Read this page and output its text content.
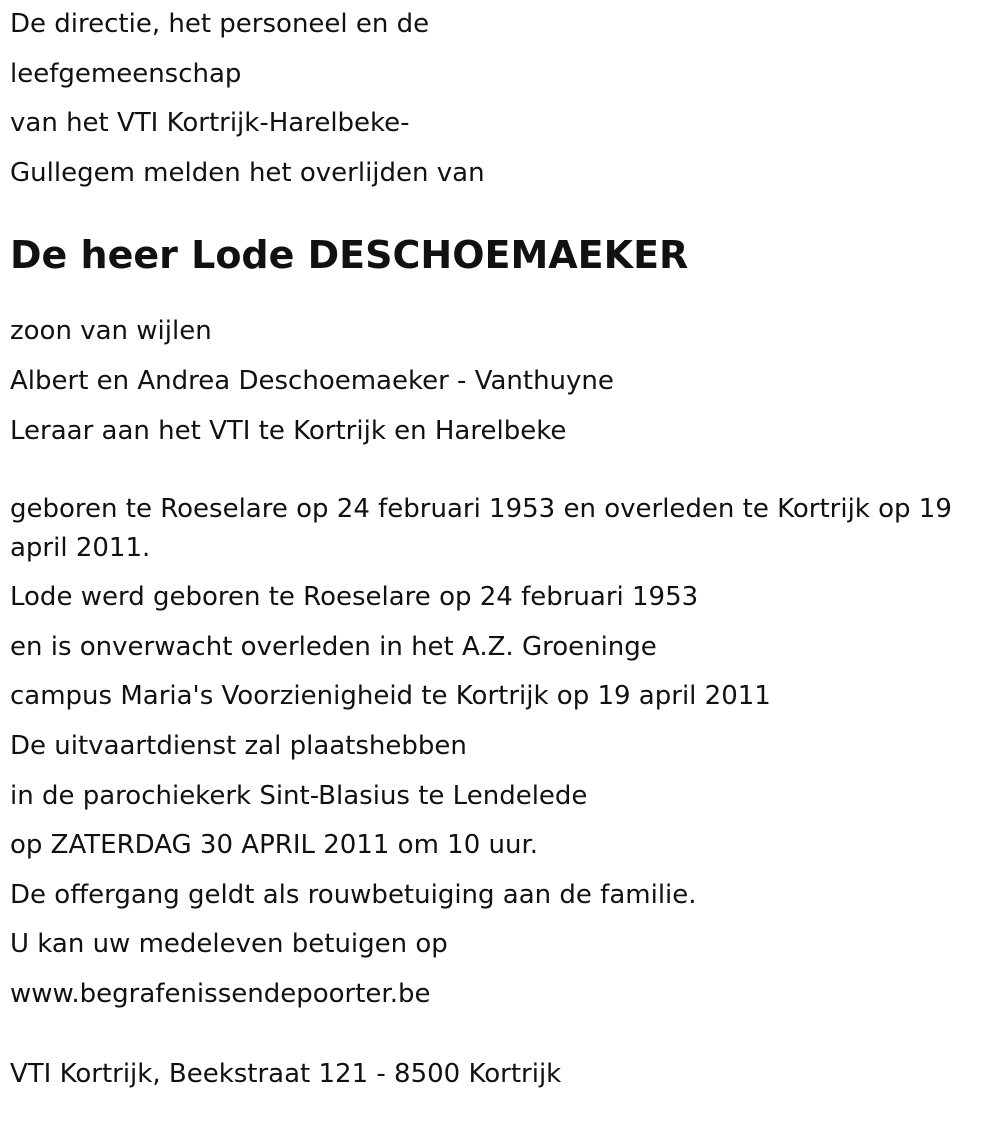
De directie, het personeel en de

leefgemeenschap

van het VTI Kortrijk-Harelbeke-

Gullegem melden het overlijden van

De heer Lode DESCHOEMAEKER

zoon van wijlen

Albert en Andrea Deschoemaeker - Vanthuyne

Leraar aan het VTI te Kortrijk en Harelbeke

geboren te Roeselare op 24 februari 1953 en overleden te Kortrijk op 19 april 2011.

Lode werd geboren te Roeselare op 24 februari 1953

en is onverwacht overleden in het A.Z. Groeninge

campus Maria's Voorzienigheid te Kortrijk op 19 april 2011

De uitvaartdienst zal plaatshebben

in de parochiekerk Sint-Blasius te Lendelede

op ZATERDAG 30 APRIL 2011 om 10 uur.

De offergang geldt als rouwbetuiging aan de familie.

U kan uw medeleven betuigen op

www.begrafenissendepoorter.be

VTI Kortrijk, Beekstraat 121 - 8500 Kortrijk
